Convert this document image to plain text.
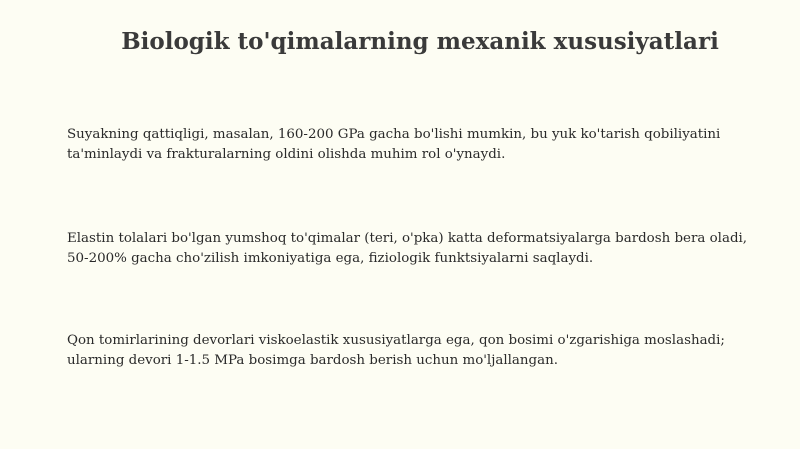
Biologik to'qimalarning mexanik xususiyatlari

Suyakning qattiqligi, masalan, 160-200 GPa gacha bo'lishi mumkin, bu yuk ko'tarish qobiliyatini ta'minlaydi va frakturalarning oldini olishda muhim rol o'ynaydi.

Elastin tolalari bo'lgan yumshoq to'qimalar (teri, o'pka) katta deformatsiyalarga bardosh bera oladi, 50-200% gacha cho'zilish imkoniyatiga ega, fiziologik funktsiyalarni saqlaydi.

Qon tomirlarining devorlari viskoelastik xususiyatlarga ega, qon bosimi o'zgarishiga moslashadi; ularning devori 1-1.5 MPa bosimga bardosh berish uchun mo'ljallangan.
